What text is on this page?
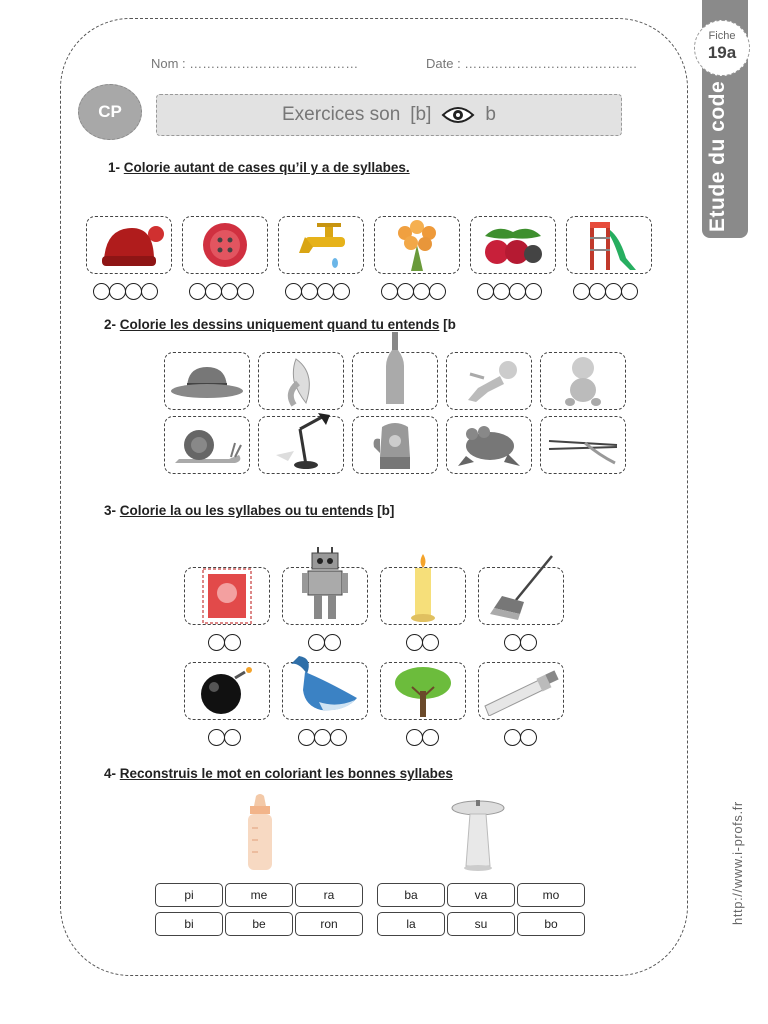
Etude du code
Fiche
19a
http://www.i-profs.fr
Nom : …………………………………	Date : ………………………………….
CP	Exercices son [b]	b
1- Colorie autant de cases qu’il y a de syllabes.
2- Colorie les dessins uniquement quand tu entends [b
3- Colorie la ou les syllabes ou tu entends [b]
4- Reconstruis le mot en coloriant les bonnes syllabes
pi	me	ra
bi	be	ron
ba	va	mo
la	su	bo
